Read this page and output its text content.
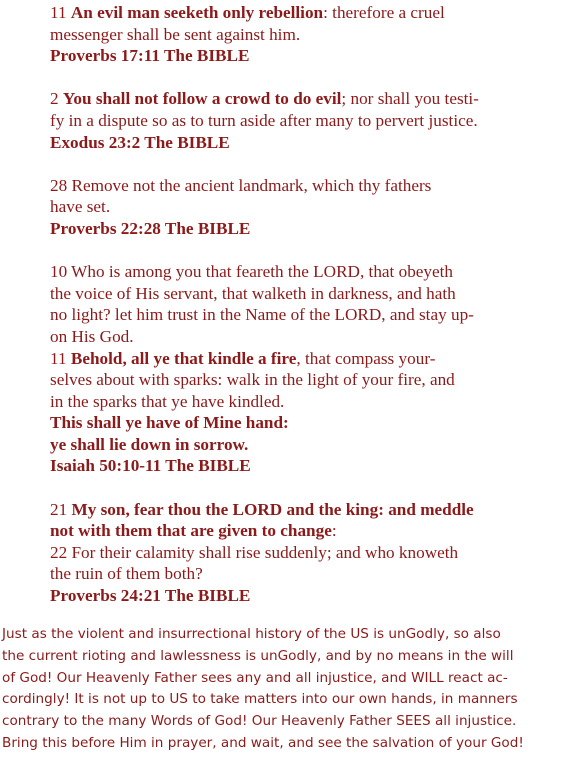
11 An evil man seeketh only rebellion: therefore a cruel
messenger shall be sent against him.
Proverbs 17:11 The BIBLE
2 You shall not follow a crowd to do evil; nor shall you testi-
fy in a dispute so as to turn aside after many to pervert justice.
Exodus 23:2 The BIBLE
28 Remove not the ancient landmark, which thy fathers
have set.
Proverbs 22:28 The BIBLE
10 Who is among you that feareth the LORD, that obeyeth
the voice of His servant, that walketh in darkness, and hath
no light? let him trust in the Name of the LORD, and stay up-
on His God.
11 Behold, all ye that kindle a fire, that compass your-
selves about with sparks: walk in the light of your fire, and
in the sparks that ye have kindled.
This shall ye have of Mine hand:
ye shall lie down in sorrow.
Isaiah 50:10-11 The BIBLE
21 My son, fear thou the LORD and the king: and meddle
not with them that are given to change:
22 For their calamity shall rise suddenly; and who knoweth
the ruin of them both?
Proverbs 24:21 The BIBLE
Just as the violent and insurrectional history of the US is unGodly, so also
the current rioting and lawlessness is unGodly, and by no means in the will
of God! Our Heavenly Father sees any and all injustice, and WILL react ac-
cordingly! It is not up to US to take matters into our own hands, in manners
contrary to the many Words of God! Our Heavenly Father SEES all injustice.
Bring this before Him in prayer, and wait, and see the salvation of your God!
